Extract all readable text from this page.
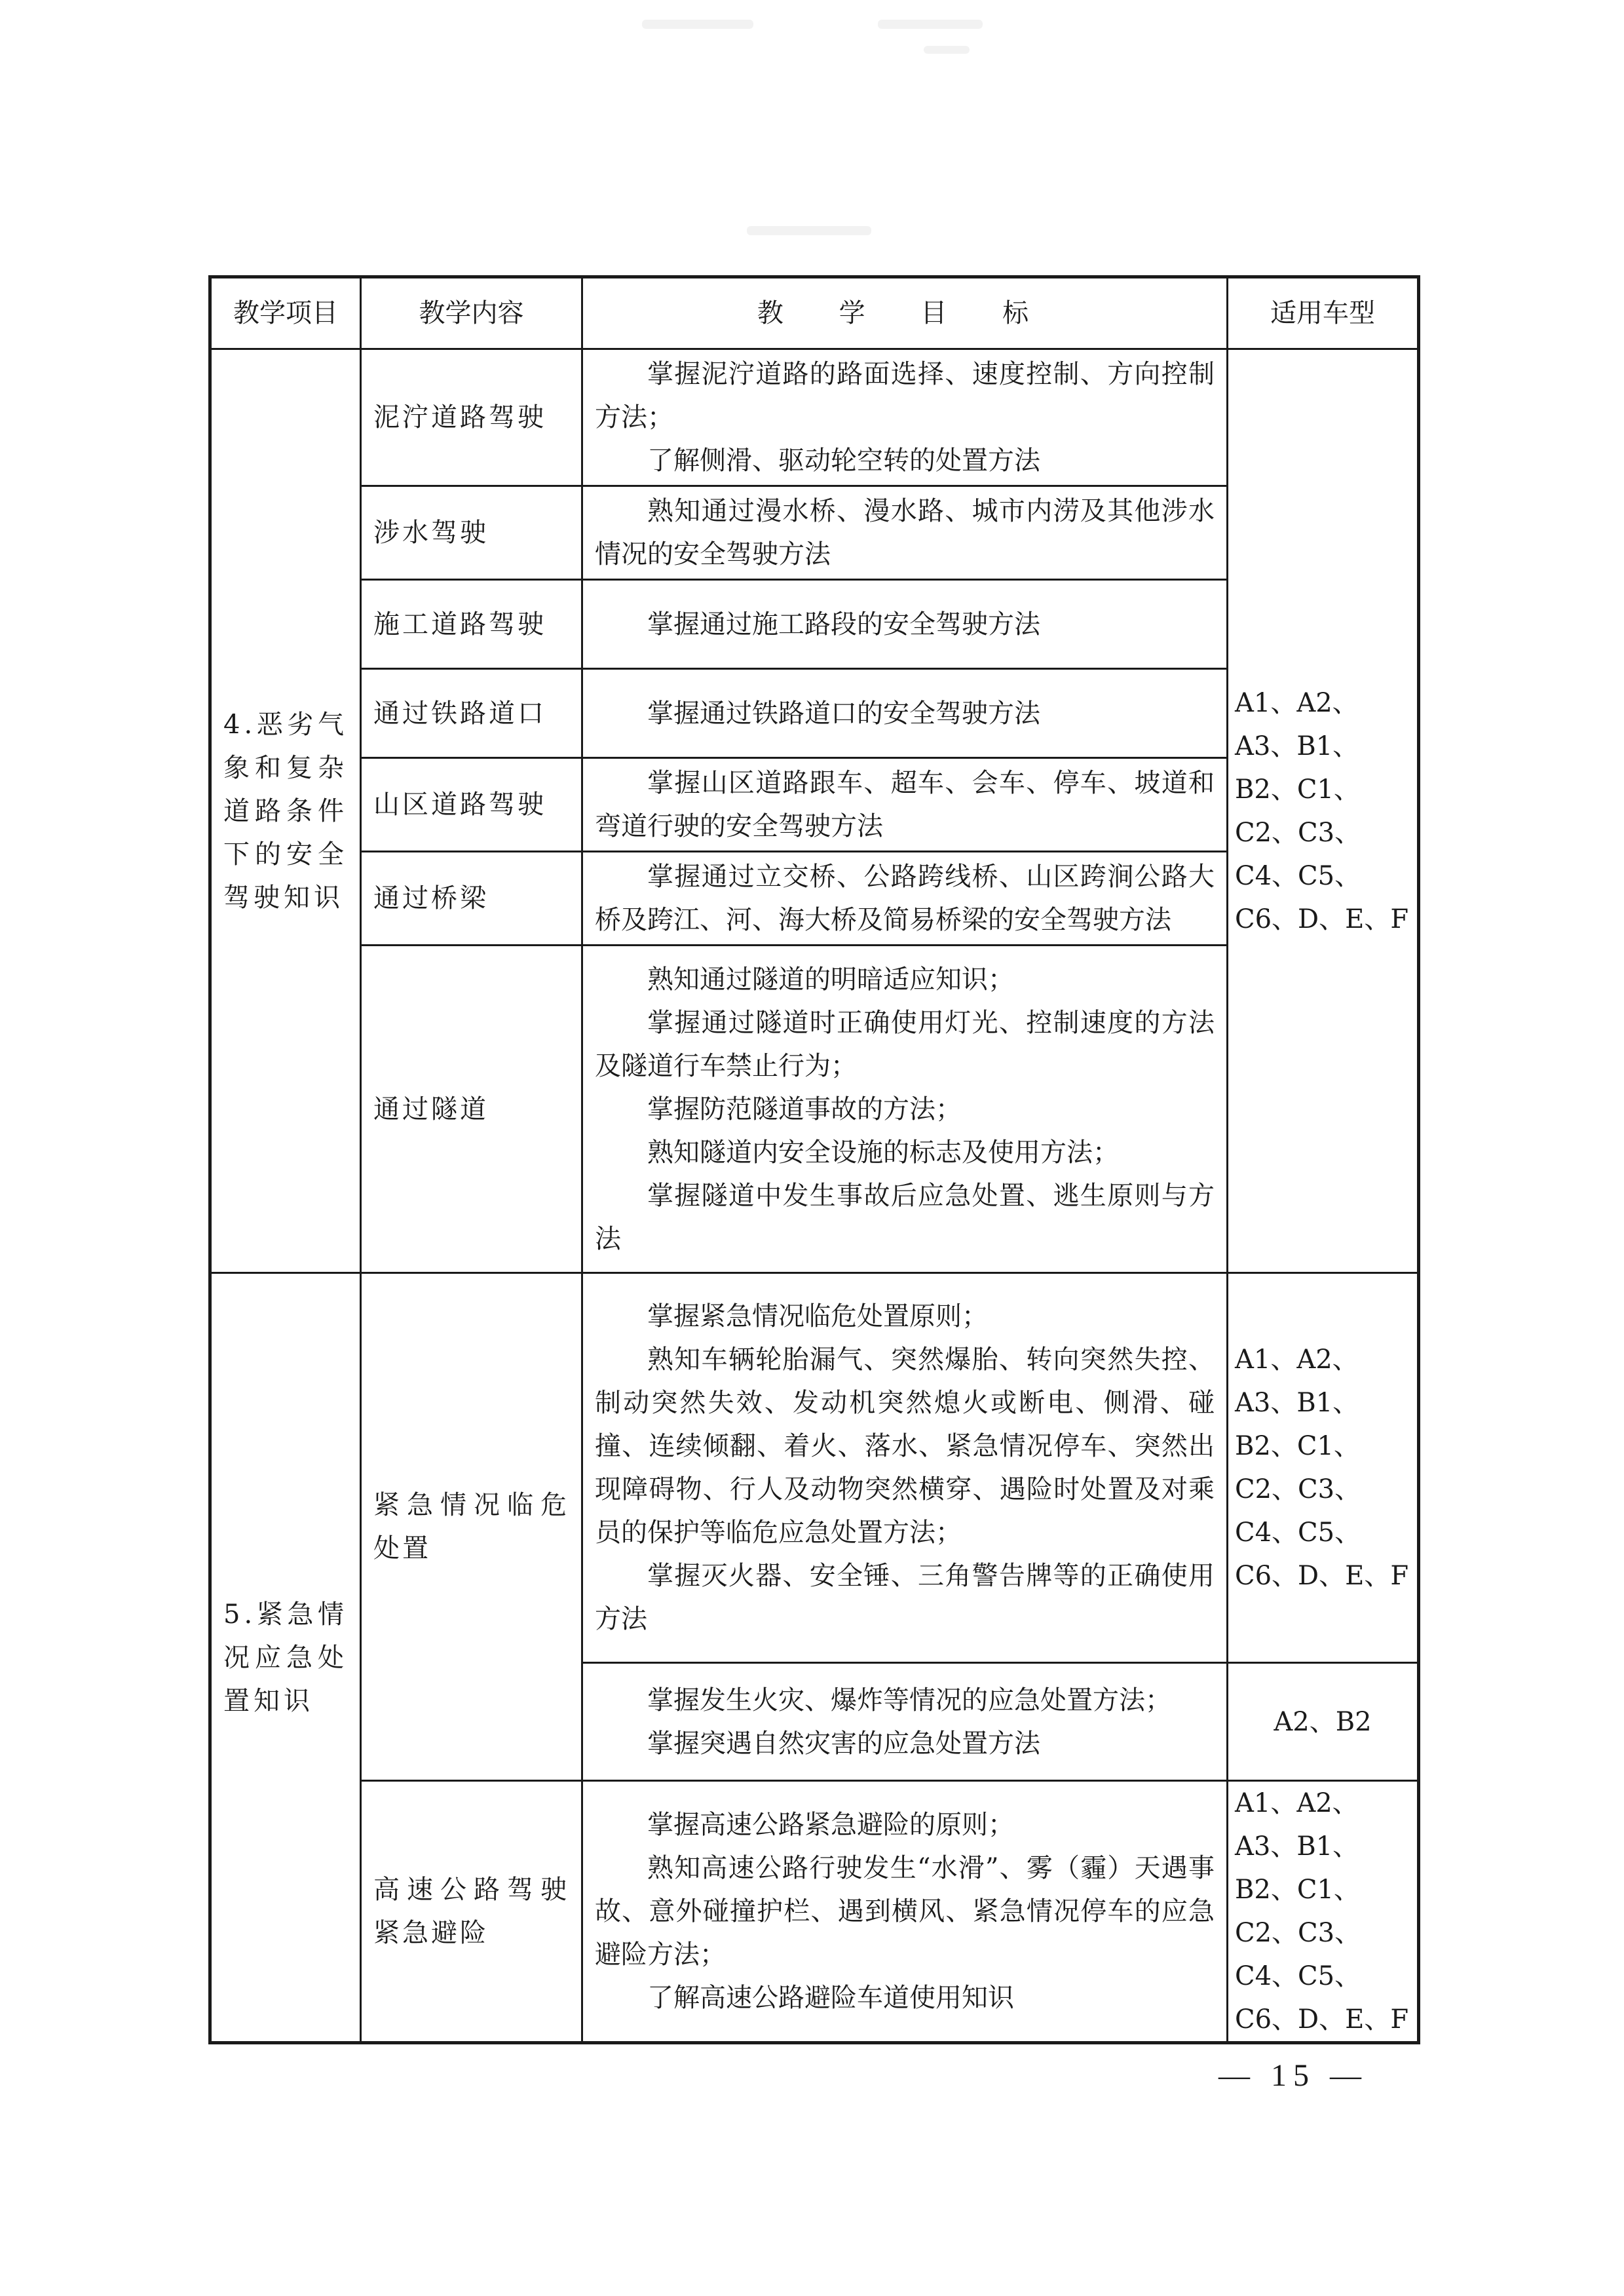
教学项目	教学内容	教 学 目 标	适用车型
4.恶劣气象和复杂道路条件下的安全驾驶知识	泥泞道路驾驶	掌握泥泞道路的路面选择、速度控制、方向控制方法；
了解侧滑、驱动轮空转的处置方法	A1、A2、A3、B1、B2、C1、C2、C3、C4、C5、C6、D、E、F
	涉水驾驶	熟知通过漫水桥、漫水路、城市内涝及其他涉水情况的安全驾驶方法	

	施工道路驾驶	掌握通过施工路段的安全驾驶方法	

	通过铁路道口	掌握通过铁路道口的安全驾驶方法	

	山区道路驾驶	掌握山区道路跟车、超车、会车、停车、坡道和弯道行驶的安全驾驶方法	

	通过桥梁	掌握通过立交桥、公路跨线桥、山区跨涧公路大桥及跨江、河、海大桥及简易桥梁的安全驾驶方法	

	通过隧道	熟知通过隧道的明暗适应知识；
掌握通过隧道时正确使用灯光、控制速度的方法及隧道行车禁止行为；
掌握防范隧道事故的方法；
熟知隧道内安全设施的标志及使用方法；
掌握隧道中发生事故后应急处置、逃生原则与方法	

5.紧急情况应急处置知识	紧急情况临危处置	掌握紧急情况临危处置原则；
熟知车辆轮胎漏气、突然爆胎、转向突然失控、制动突然失效、发动机突然熄火或断电、侧滑、碰撞、连续倾翻、着火、落水、紧急情况停车、突然出现障碍物、行人及动物突然横穿、遇险时处置及对乘员的保护等临危应急处置方法；
掌握灭火器、安全锤、三角警告牌等的正确使用方法	A1、A2、A3、B1、B2、C1、C2、C3、C4、C5、C6、D、E、F

		掌握发生火灾、爆炸等情况的应急处置方法；
掌握突遇自然灾害的应急处置方法	A2、B2
	高速公路驾驶紧急避险	掌握高速公路紧急避险的原则；
熟知高速公路行驶发生“水滑”、雾（霾）天遇事故、意外碰撞护栏、遇到横风、紧急情况停车的应急避险方法；
了解高速公路避险车道使用知识	A1、A2、A3、B1、B2、C1、C2、C3、C4、C5、C6、D、E、F
— 15 —
